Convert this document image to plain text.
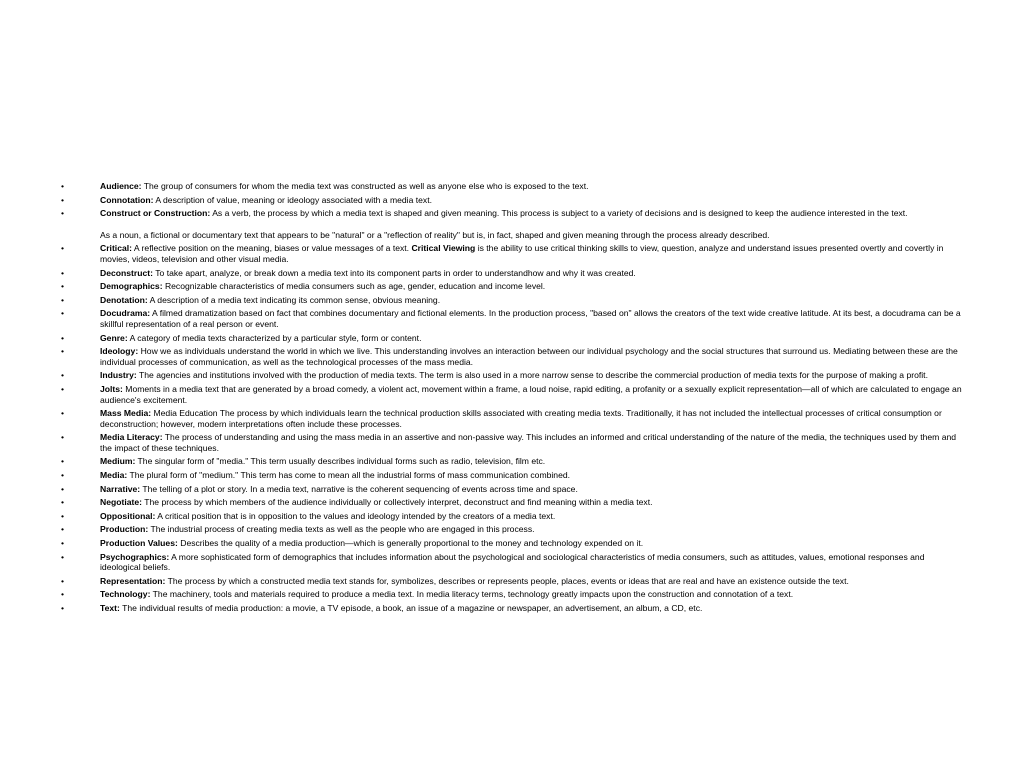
•	Audience: The group of consumers for whom the media text was constructed as well as anyone else who is exposed to the text.
•	Connotation: A description of value, meaning or ideology associated with a media text.
•	Construct or Construction: As a verb, the process by which a media text is shaped and given meaning. This process is subject to a variety of decisions and is designed to keep the audience interested in the text.
As a noun, a fictional or documentary text that appears to be "natural" or a "reflection of reality" but is, in fact, shaped and given meaning through the process already described.
•	Critical: A reflective position on the meaning, biases or value messages of a text. Critical Viewing is the ability to use critical thinking skills to view, question, analyze and understand issues presented overtly and covertly in movies, videos, television and other visual media.
•	Deconstruct: To take apart, analyze, or break down a media text into its component parts in order to understandhow and why it was created.
•	Demographics: Recognizable characteristics of media consumers such as age, gender, education and income level.
•	Denotation: A description of a media text indicating its common sense, obvious meaning.
•	Docudrama: A filmed dramatization based on fact that combines documentary and fictional elements. In the production process, "based on" allows the creators of the text wide creative latitude. At its best, a docudrama can be a skillful representation of a real person or event.
•	Genre: A category of media texts characterized by a particular style, form or content.
•	Ideology: How we as individuals understand the world in which we live. This understanding involves an interaction between our individual psychology and the social structures that surround us. Mediating between these are the individual processes of communication, as well as the technological processes of the mass media.
•	Industry: The agencies and institutions involved with the production of media texts. The term is also used in a more narrow sense to describe the commercial production of media texts for the purpose of making a profit.
•	Jolts: Moments in a media text that are generated by a broad comedy, a violent act, movement within a frame, a loud noise, rapid editing, a profanity or a sexually explicit representation—all of which are calculated to engage an audience's excitement.
•	Mass Media: Media Education The process by which individuals learn the technical production skills associated with creating media texts. Traditionally, it has not included the intellectual processes of critical consumption or deconstruction; however, modern interpretations often include these processes.
•	Media Literacy: The process of understanding and using the mass media in an assertive and non-passive way. This includes an informed and critical understanding of the nature of the media, the techniques used by them and the impact of these techniques.
•	Medium: The singular form of "media." This term usually describes individual forms such as radio, television, film etc.
•	Media: The plural form of "medium." This term has come to mean all the industrial forms of mass communication combined.
•	Narrative: The telling of a plot or story. In a media text, narrative is the coherent sequencing of events across time and space.
•	Negotiate: The process by which members of the audience individually or collectively interpret, deconstruct and find meaning within a media text.
•	Oppositional: A critical position that is in opposition to the values and ideology intended by the creators of a media text.
•	Production: The industrial process of creating media texts as well as the people who are engaged in this process.
•	Production Values: Describes the quality of a media production—which is generally proportional to the money and technology expended on it.
•	Psychographics: A more sophisticated form of demographics that includes information about the psychological and sociological characteristics of media consumers, such as attitudes, values, emotional responses and ideological beliefs.
•	Representation: The process by which a constructed media text stands for, symbolizes, describes or represents people, places, events or ideas that are real and have an existence outside the text.
•	Technology: The machinery, tools and materials required to produce a media text. In media literacy terms, technology greatly impacts upon the construction and connotation of a text.
•	Text: The individual results of media production: a movie, a TV episode, a book, an issue of a magazine or newspaper, an advertisement, an album, a CD, etc.
